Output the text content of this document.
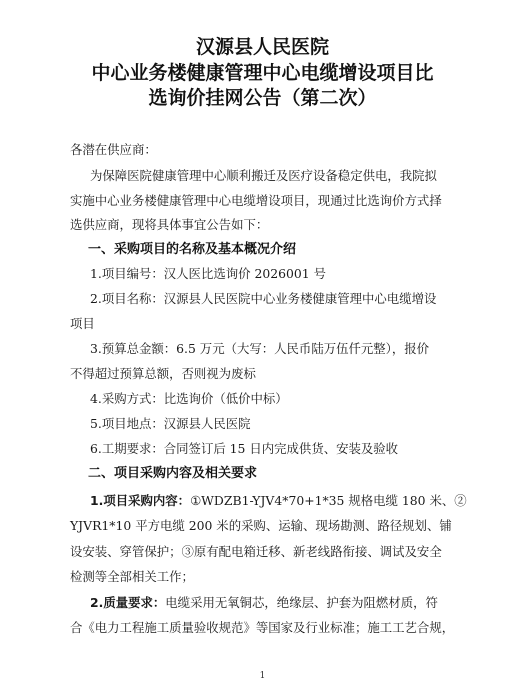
汉源县人民医院
中心业务楼健康管理中心电缆增设项目比
选询价挂网公告（第二次）
各潜在供应商：
为保障医院健康管理中心顺利搬迁及医疗设备稳定供电，我院拟
实施中心业务楼健康管理中心电缆增设项目，现通过比选询价方式择
选供应商，现将具体事宜公告如下：
一、采购项目的名称及基本概况介绍
1.项目编号：汉人医比选询价 2026001 号
2.项目名称：汉源县人民医院中心业务楼健康管理中心电缆增设
项目
3.预算总金额：6.5 万元（大写：人民币陆万伍仟元整），报价
不得超过预算总额，否则视为废标
4.采购方式：比选询价（低价中标）
5.项目地点：汉源县人民医院
6.工期要求：合同签订后 15 日内完成供货、安装及验收
二、项目采购内容及相关要求
1.项目采购内容：①WDZB1-YJV4*70+1*35 规格电缆 180 米、②
YJVR1*10 平方电缆 200 米的采购、运输、现场勘测、路径规划、铺
设安装、穿管保护；③原有配电箱迁移、新老线路衔接、调试及安全
检测等全部相关工作；
2.质量要求：电缆采用无氧铜芯，绝缘层、护套为阻燃材质，符
合《电力工程施工质量验收规范》等国家及行业标准；施工工艺合规，
1
